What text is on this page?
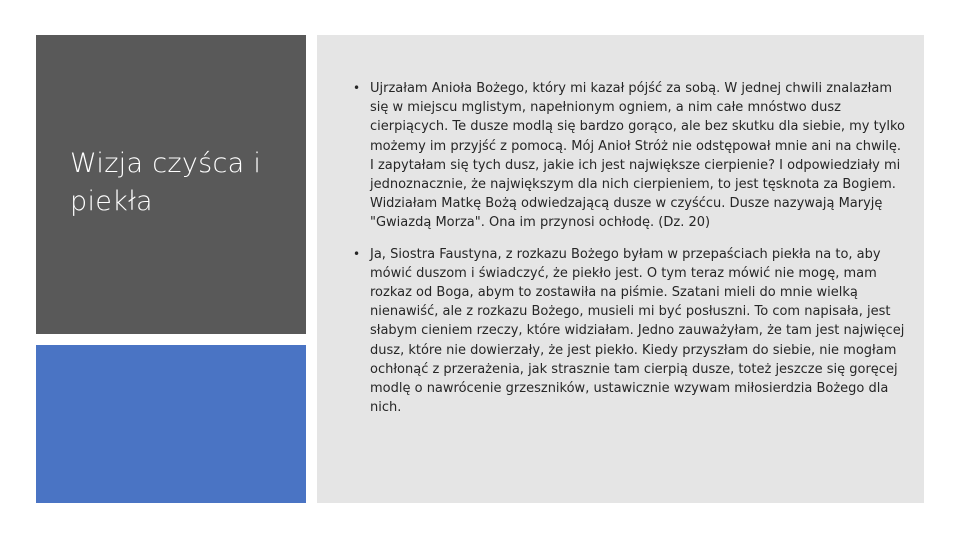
Wizja czyśca i piekła
• Ujrzałam Anioła Bożego, który mi kazał pójść za sobą. W jednej chwili znalazłam się w miejscu mglistym, napełnionym ogniem, a nim całe mnóstwo dusz cierpiących. Te dusze modlą się bardzo gorąco, ale bez skutku dla siebie, my tylko możemy im przyjść z pomocą. Mój Anioł Stróż nie odstępował mnie ani na chwilę. I zapytałam się tych dusz, jakie ich jest największe cierpienie? I odpowiedziały mi jednoznacznie, że największym dla nich cierpieniem, to jest tęsknota za Bogiem. Widziałam Matkę Bożą odwiedzającą dusze w czyśćcu. Dusze nazywają Maryję "Gwiazdą Morza". Ona im przynosi ochłodę. (Dz. 20)
• Ja, Siostra Faustyna, z rozkazu Bożego byłam w przepaściach piekła na to, aby mówić duszom i świadczyć, że piekło jest. O tym teraz mówić nie mogę, mam rozkaz od Boga, abym to zostawiła na piśmie. Szatani mieli do mnie wielką nienawiść, ale z rozkazu Bożego, musieli mi być posłuszni. To com napisała, jest słabym cieniem rzeczy, które widziałam. Jedno zauważyłam, że tam jest najwięcej dusz, które nie dowierzały, że jest piekło. Kiedy przyszłam do siebie, nie mogłam ochłonąć z przerażenia, jak strasznie tam cierpią dusze, toteż jeszcze się goręcej modlę o nawrócenie grzeszników, ustawicznie wzywam miłosierdzia Bożego dla nich.
